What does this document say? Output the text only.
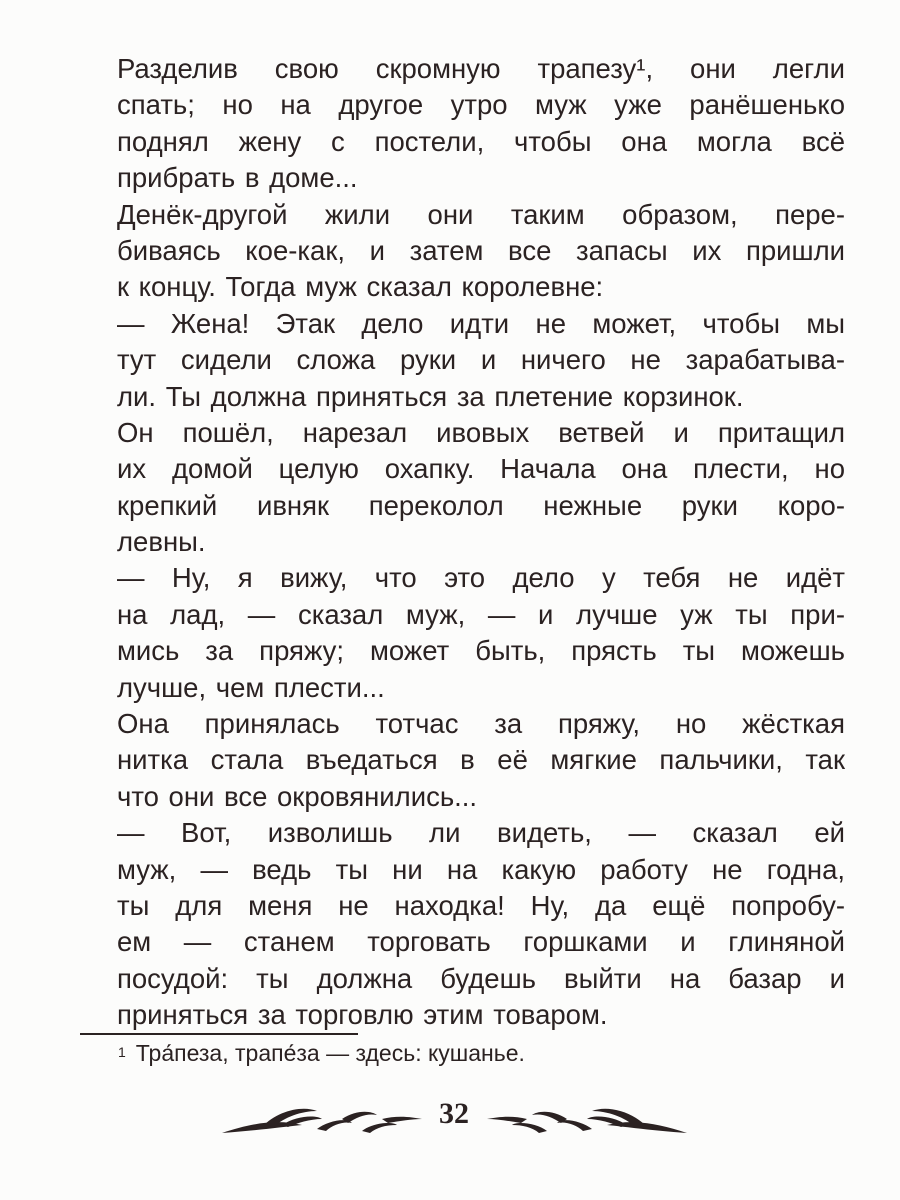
Разделив свою скромную трапезу¹, они легли
спать; но на другое утро муж уже ранёшенько
поднял жену с постели, чтобы она могла всё
прибрать в доме...
Денёк-другой жили они таким образом, пере-
биваясь кое-как, и затем все запасы их пришли
к концу. Тогда муж сказал королевне:
— Жена! Этак дело идти не может, чтобы мы
тут сидели сложа руки и ничего не зарабатыва-
ли. Ты должна приняться за плетение корзинок.
Он пошёл, нарезал ивовых ветвей и притащил
их домой целую охапку. Начала она плести, но
крепкий ивняк переколол нежные руки коро-
левны.
— Ну, я вижу, что это дело у тебя не идёт
на лад, — сказал муж, — и лучше уж ты при-
мись за пряжу; может быть, прясть ты можешь
лучше, чем плести...
Она принялась тотчас за пряжу, но жёсткая
нитка стала въедаться в её мягкие пальчики, так
что они все окровянились...
— Вот, изволишь ли видеть, — сказал ей
муж, — ведь ты ни на какую работу не годна,
ты для меня не находка! Ну, да ещё попробу-
ем — станем торговать горшками и глиняной
посудой: ты должна будешь выйти на базар и
приняться за торговлю этим товаром.
$^1$ Тра́пеза, трапе́за — здесь: кушанье.
32
